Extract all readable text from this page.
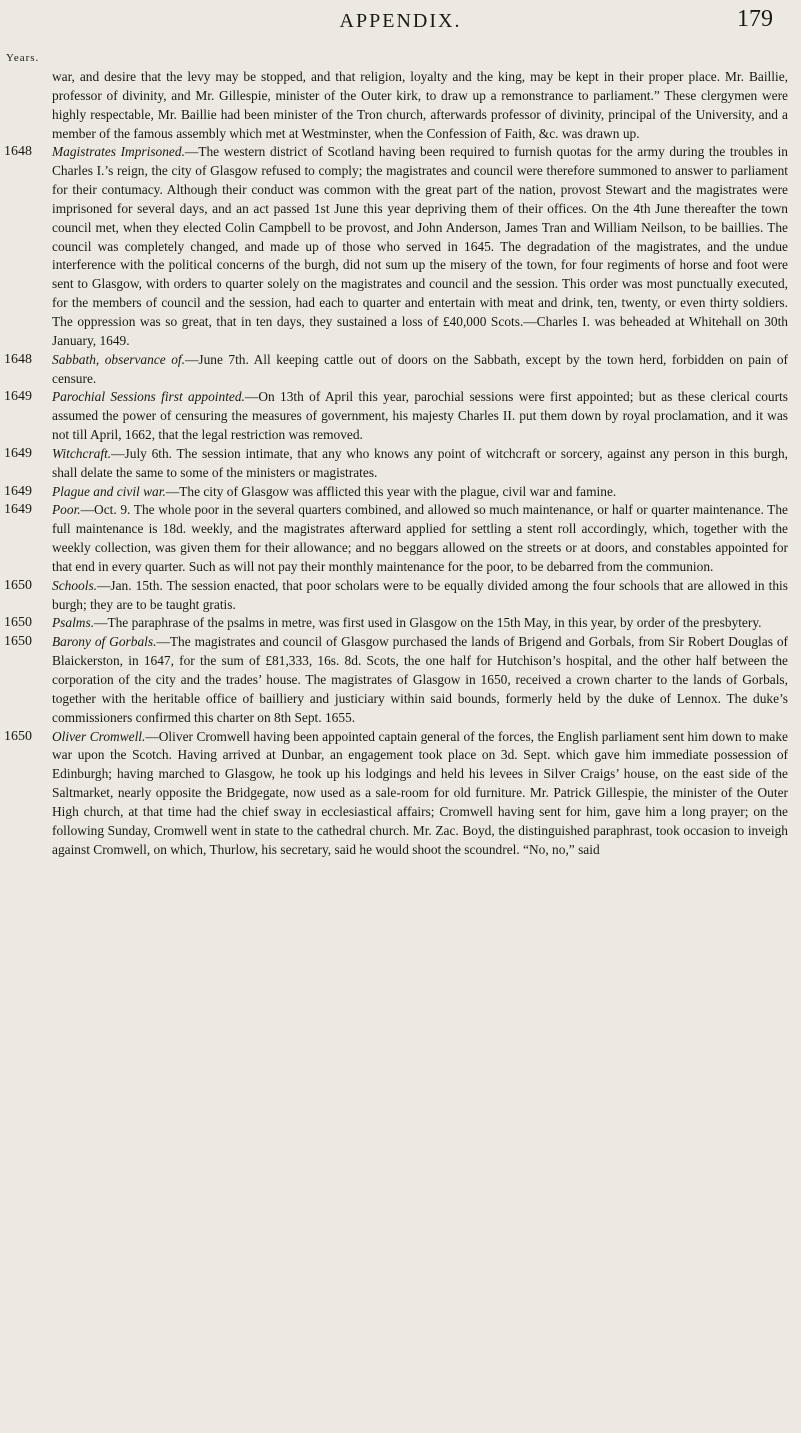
APPENDIX.	179
Years.
war, and desire that the levy may be stopped, and that religion, loyalty and the king, may be kept in their proper place. Mr. Baillie, professor of divinity, and Mr. Gillespie, minister of the Outer kirk, to draw up a remonstrance to parliament.” These clergymen were highly respectable, Mr. Baillie had been minister of the Tron church, afterwards professor of divinity, principal of the University, and a member of the famous assembly which met at Westminster, when the Confession of Faith, &c. was drawn up.
1648	Magistrates Imprisoned.—The western district of Scotland having been required to furnish quotas for the army during the troubles in Charles I.’s reign, the city of Glasgow refused to comply; the magistrates and council were therefore summoned to answer to parliament for their contumacy. Although their conduct was common with the great part of the nation, provost Stewart and the magistrates were imprisoned for several days, and an act passed 1st June this year depriving them of their offices. On the 4th June thereafter the town council met, when they elected Colin Campbell to be provost, and John Anderson, James Tran and William Neilson, to be baillies. The council was completely changed, and made up of those who served in 1645. The degradation of the magistrates, and the undue interference with the political concerns of the burgh, did not sum up the misery of the town, for four regiments of horse and foot were sent to Glasgow, with orders to quarter solely on the magistrates and council and the session. This order was most punctually executed, for the members of council and the session, had each to quarter and entertain with meat and drink, ten, twenty, or even thirty soldiers. The oppression was so great, that in ten days, they sustained a loss of £40,000 Scots.—Charles I. was beheaded at Whitehall on 30th January, 1649.
1648	Sabbath, observance of.—June 7th. All keeping cattle out of doors on the Sabbath, except by the town herd, forbidden on pain of censure.
1649	Parochial Sessions first appointed.—On 13th of April this year, parochial sessions were first appointed; but as these clerical courts assumed the power of censuring the measures of government, his majesty Charles II. put them down by royal proclamation, and it was not till April, 1662, that the legal restriction was removed.
1649	Witchcraft.—July 6th. The session intimate, that any who knows any point of witchcraft or sorcery, against any person in this burgh, shall delate the same to some of the ministers or magistrates.
1649	Plague and civil war.—The city of Glasgow was afflicted this year with the plague, civil war and famine.
1649	Poor.—Oct. 9. The whole poor in the several quarters combined, and allowed so much maintenance, or half or quarter maintenance. The full maintenance is 18d. weekly, and the magistrates afterward applied for settling a stent roll accordingly, which, together with the weekly collection, was given them for their allowance; and no beggars allowed on the streets or at doors, and constables appointed for that end in every quarter. Such as will not pay their monthly maintenance for the poor, to be debarred from the communion.
1650	Schools.—Jan. 15th. The session enacted, that poor scholars were to be equally divided among the four schools that are allowed in this burgh; they are to be taught gratis.
1650	Psalms.—The paraphrase of the psalms in metre, was first used in Glasgow on the 15th May, in this year, by order of the presbytery.
1650	Barony of Gorbals.—The magistrates and council of Glasgow purchased the lands of Brigend and Gorbals, from Sir Robert Douglas of Blaickerston, in 1647, for the sum of £81,333, 16s. 8d. Scots, the one half for Hutchison’s hospital, and the other half between the corporation of the city and the trades’ house. The magistrates of Glasgow in 1650, received a crown charter to the lands of Gorbals, together with the heritable office of bailliery and justiciary within said bounds, formerly held by the duke of Lennox. The duke’s commissioners confirmed this charter on 8th Sept. 1655.
1650	Oliver Cromwell.—Oliver Cromwell having been appointed captain general of the forces, the English parliament sent him down to make war upon the Scotch. Having arrived at Dunbar, an engagement took place on 3d. Sept. which gave him immediate possession of Edinburgh; having marched to Glasgow, he took up his lodgings and held his levees in Silver Craigs’ house, on the east side of the Saltmarket, nearly opposite the Bridgegate, now used as a sale-room for old furniture. Mr. Patrick Gillespie, the minister of the Outer High church, at that time had the chief sway in ecclesiastical affairs; Cromwell having sent for him, gave him a long prayer; on the following Sunday, Cromwell went in state to the cathedral church. Mr. Zac. Boyd, the distinguished paraphrast, took occasion to inveigh against Cromwell, on which, Thurlow, his secretary, said he would shoot the scoundrel. “No, no,” said
